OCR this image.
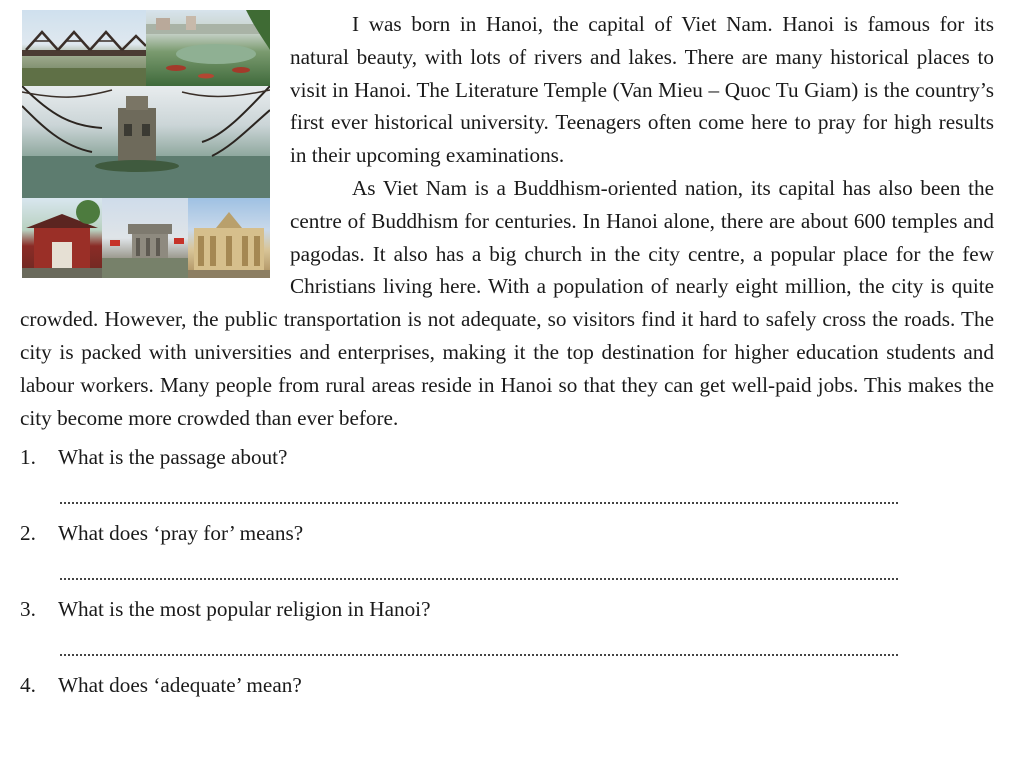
I was born in Hanoi, the capital of Viet Nam. Hanoi is famous for its natural beauty, with lots of rivers and lakes. There are many historical places to visit in Hanoi. The Literature Temple (Van Mieu – Quoc Tu Giam) is the country’s first ever historical university. Teenagers often come here to pray for high results in their upcoming examinations.

As Viet Nam is a Buddhism-oriented nation, its capital has also been the centre of Buddhism for centuries. In Hanoi alone, there are about 600 temples and pagodas. It also has a big church in the city centre, a popular place for the few Christians living here. With a population of nearly eight million, the city is quite crowded. However, the public transportation is not adequate, so visitors find it hard to safely cross the roads. The city is packed with universities and enterprises, making it the top destination for higher education students and labour workers. Many people from rural areas reside in Hanoi so that they can get well-paid jobs. This makes the city become more crowded than ever before.

1.	What is the passage about?
2.	What does ‘pray for’ means?
3.	What is the most popular religion in Hanoi?
4.	What does ‘adequate’ mean?
